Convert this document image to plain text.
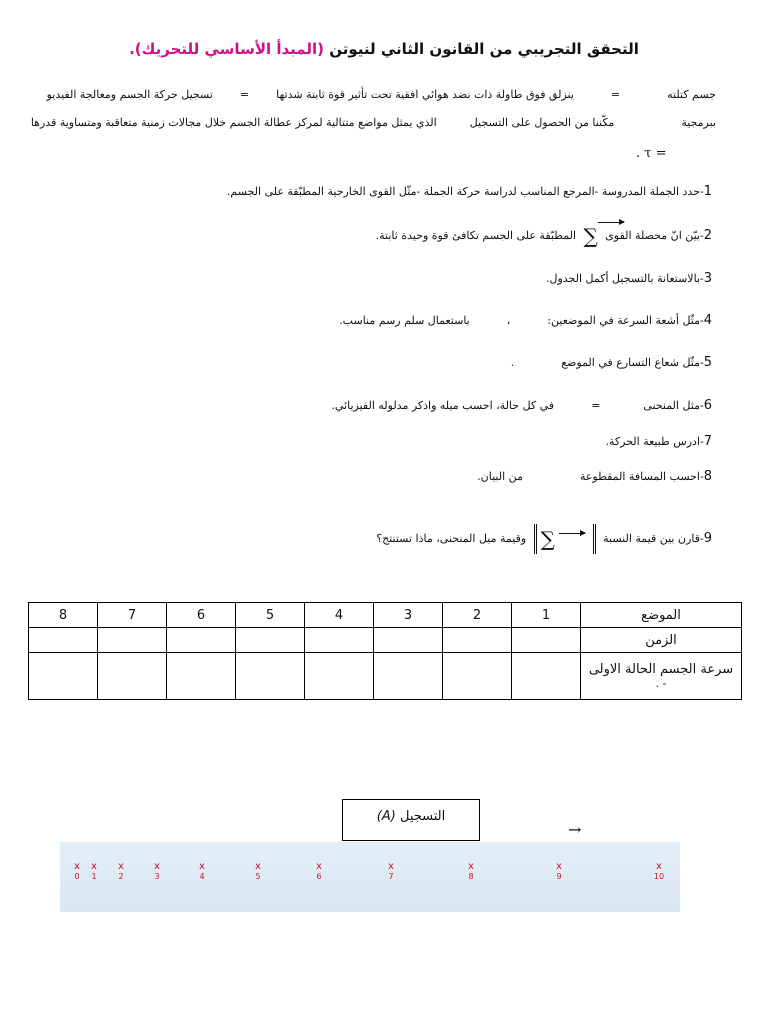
التحقق التجريبي من القانون الثاني لنيوتن (المبدأ الأساسي للتحريك).
جسم كتلته  =  ينزلق فوق طاولة ذات نضد هوائي افقية تحت تأثير قوة ثابتة شدتها  =  تسجيل حركة الجسم ومعالجة الفيديو
ببرمجية  مكّننا من الحصول على التسجيل  الذي يمثل مواضع متتالية لمركز عطالة الجسم خلال مجالات زمنية متعاقبة ومتساوية قدرها
. τ =
1-حدد الجملة المدروسة -المرجع المناسب لدراسة حركة الجملة -مثّل القوى الخارجية المطبّقة على الجسم.
2-بيّن انّ محصلة القوى ∑
المطبّقة على الجسم تكافئ قوة وحيدة ثابتة.
3-بالاستعانة بالتسجيل أكمل الجدول.
4-مثّل أشعة السرعة في الموضعين:  ،  باستعمال سلم رسم مناسب.
5-مثّل شعاع التسارع في الموضع  .
6-مثل المنحنى  =  في كل حالة، احسب ميله واذكر مدلوله الفيزيائي.
7-ادرس طبيعة الحركة.
8-احسب المسافة المقطوعة  من البيان.
9-قارن بين قيمة النسبة
∑
وقيمة ميل المنحنى، ماذا تستنتج؟
الموضع	1	2	3	4	5	6	7	8
الزمن								

سرعة الجسم الحالة الاولى
- .								

التسجيل (A)
→
x
0
x
1
x
2
x
3
x
4
x
5
x
6
x
7
x
8
x
9
x
10
